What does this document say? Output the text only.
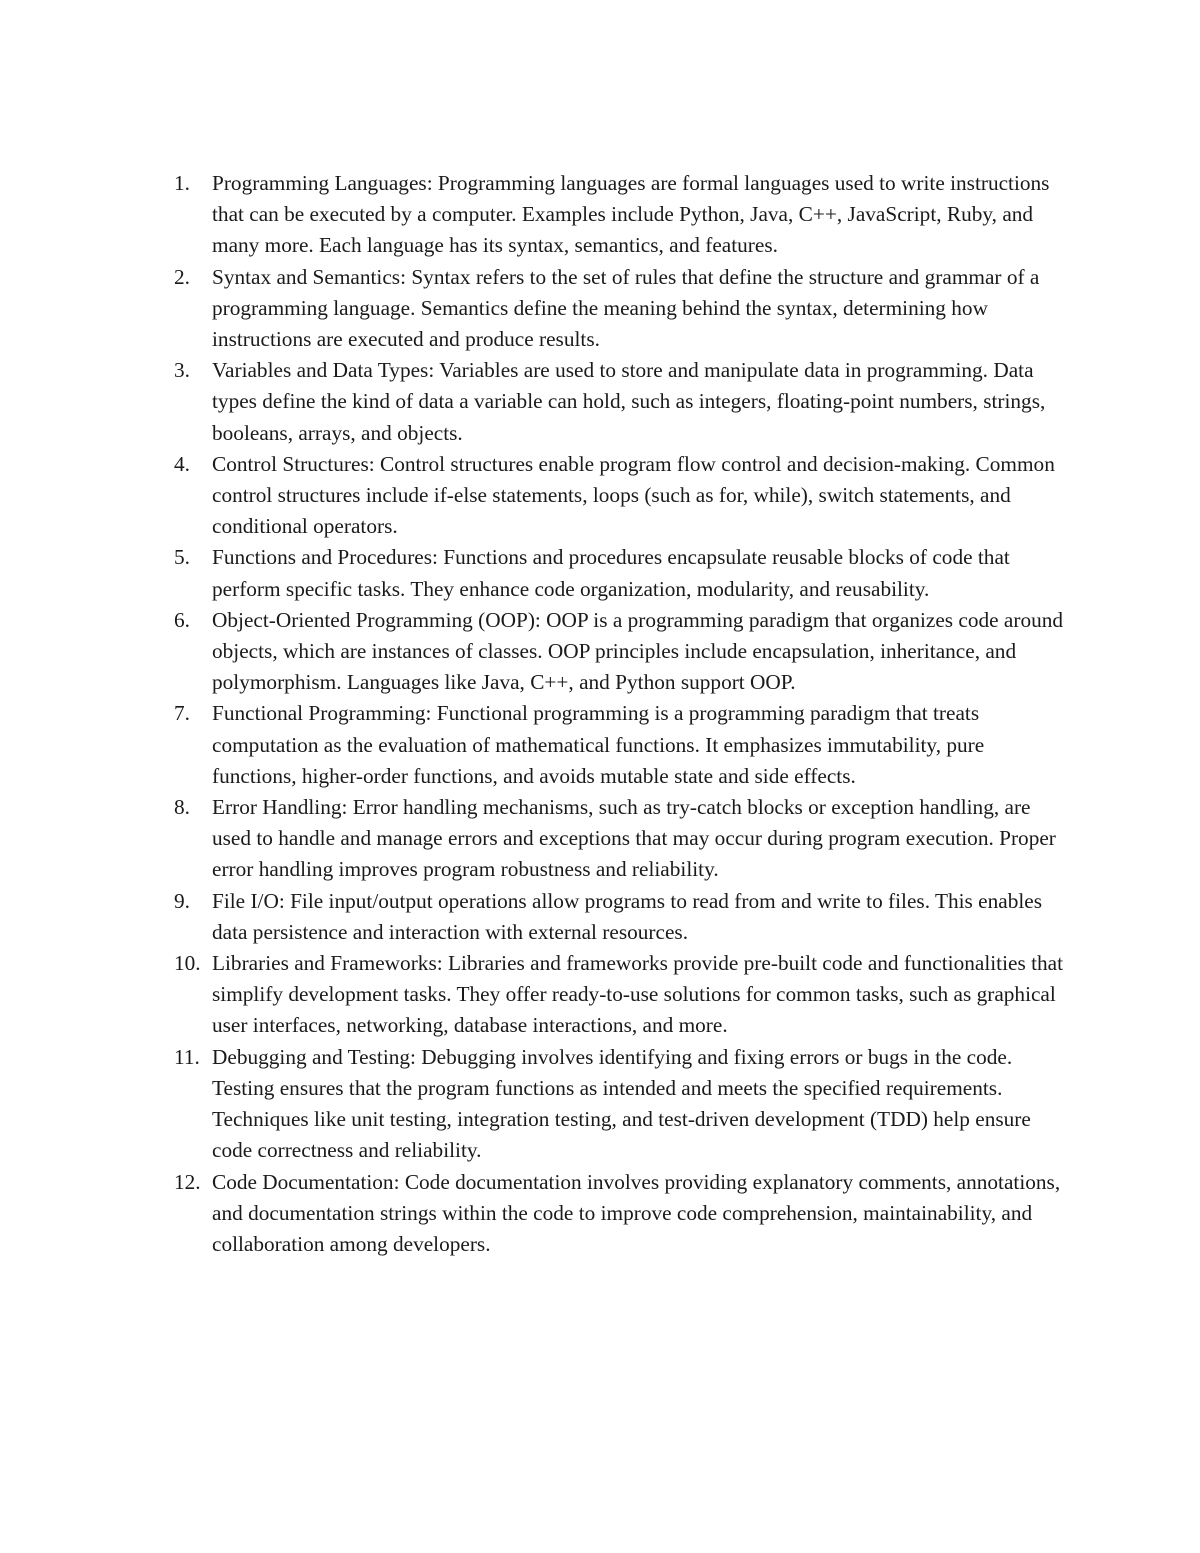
1.	Programming Languages: Programming languages are formal languages used to write instructions that can be executed by a computer. Examples include Python, Java, C++, JavaScript, Ruby, and many more. Each language has its syntax, semantics, and features.
2.	Syntax and Semantics: Syntax refers to the set of rules that define the structure and grammar of a programming language. Semantics define the meaning behind the syntax, determining how instructions are executed and produce results.
3.	Variables and Data Types: Variables are used to store and manipulate data in programming. Data types define the kind of data a variable can hold, such as integers, floating-point numbers, strings, booleans, arrays, and objects.
4.	Control Structures: Control structures enable program flow control and decision-making. Common control structures include if-else statements, loops (such as for, while), switch statements, and conditional operators.
5.	Functions and Procedures: Functions and procedures encapsulate reusable blocks of code that perform specific tasks. They enhance code organization, modularity, and reusability.
6.	Object-Oriented Programming (OOP): OOP is a programming paradigm that organizes code around objects, which are instances of classes. OOP principles include encapsulation, inheritance, and polymorphism. Languages like Java, C++, and Python support OOP.
7.	Functional Programming: Functional programming is a programming paradigm that treats computation as the evaluation of mathematical functions. It emphasizes immutability, pure functions, higher-order functions, and avoids mutable state and side effects.
8.	Error Handling: Error handling mechanisms, such as try-catch blocks or exception handling, are used to handle and manage errors and exceptions that may occur during program execution. Proper error handling improves program robustness and reliability.
9.	File I/O: File input/output operations allow programs to read from and write to files. This enables data persistence and interaction with external resources.
10. Libraries and Frameworks: Libraries and frameworks provide pre-built code and functionalities that simplify development tasks. They offer ready-to-use solutions for common tasks, such as graphical user interfaces, networking, database interactions, and more.
11. Debugging and Testing: Debugging involves identifying and fixing errors or bugs in the code. Testing ensures that the program functions as intended and meets the specified requirements. Techniques like unit testing, integration testing, and test-driven development (TDD) help ensure code correctness and reliability.
12. Code Documentation: Code documentation involves providing explanatory comments, annotations, and documentation strings within the code to improve code comprehension, maintainability, and collaboration among developers.
